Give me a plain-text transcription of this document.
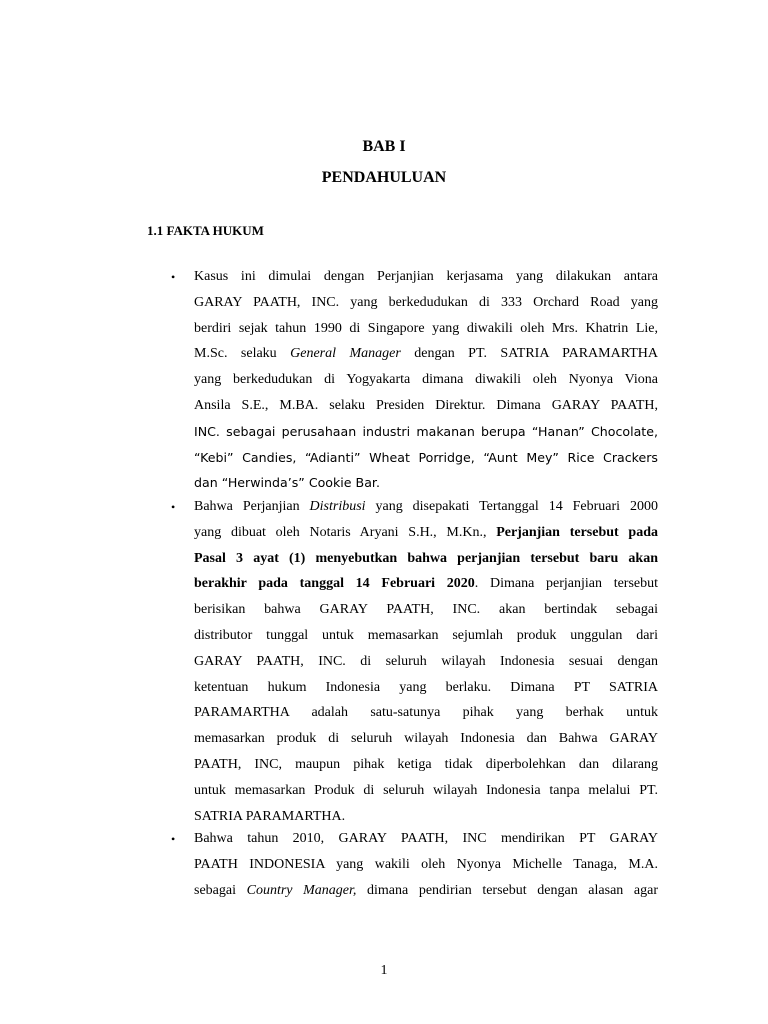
BAB I
PENDAHULUAN
1.1 FAKTA HUKUM
• Kasus ini dimulai dengan Perjanjian kerjasama yang dilakukan antara
GARAY PAATH, INC. yang berkedudukan di 333 Orchard Road yang
berdiri sejak tahun 1990 di Singapore yang diwakili oleh Mrs. Khatrin Lie,
M.Sc. selaku General Manager dengan PT. SATRIA PARAMARTHA
yang berkedudukan di Yogyakarta dimana diwakili oleh Nyonya Viona
Ansila S.E., M.BA. selaku Presiden Direktur. Dimana GARAY PAATH,
INC. sebagai perusahaan industri makanan berupa “Hanan” Chocolate,
“Kebi” Candies, “Adianti” Wheat Porridge, “Aunt Mey” Rice Crackers
dan “Herwinda’s” Cookie Bar.
• Bahwa Perjanjian Distribusi yang disepakati Tertanggal 14 Februari 2000
yang dibuat oleh Notaris Aryani S.H., M.Kn., Perjanjian tersebut pada
Pasal 3 ayat (1) menyebutkan bahwa perjanjian tersebut baru akan
berakhir pada tanggal 14 Februari 2020. Dimana perjanjian tersebut
berisikan bahwa GARAY PAATH, INC. akan bertindak sebagai
distributor tunggal untuk memasarkan sejumlah produk unggulan dari
GARAY PAATH, INC. di seluruh wilayah Indonesia sesuai dengan
ketentuan hukum Indonesia yang berlaku. Dimana PT SATRIA
PARAMARTHA adalah satu-satunya pihak yang berhak untuk
memasarkan produk di seluruh wilayah Indonesia dan Bahwa GARAY
PAATH, INC, maupun pihak ketiga tidak diperbolehkan dan dilarang
untuk memasarkan Produk di seluruh wilayah Indonesia tanpa melalui PT.
SATRIA PARAMARTHA.
• Bahwa tahun 2010, GARAY PAATH, INC mendirikan PT GARAY
PAATH INDONESIA yang wakili oleh Nyonya Michelle Tanaga, M.A.
sebagai Country Manager, dimana pendirian tersebut dengan alasan agar
1
